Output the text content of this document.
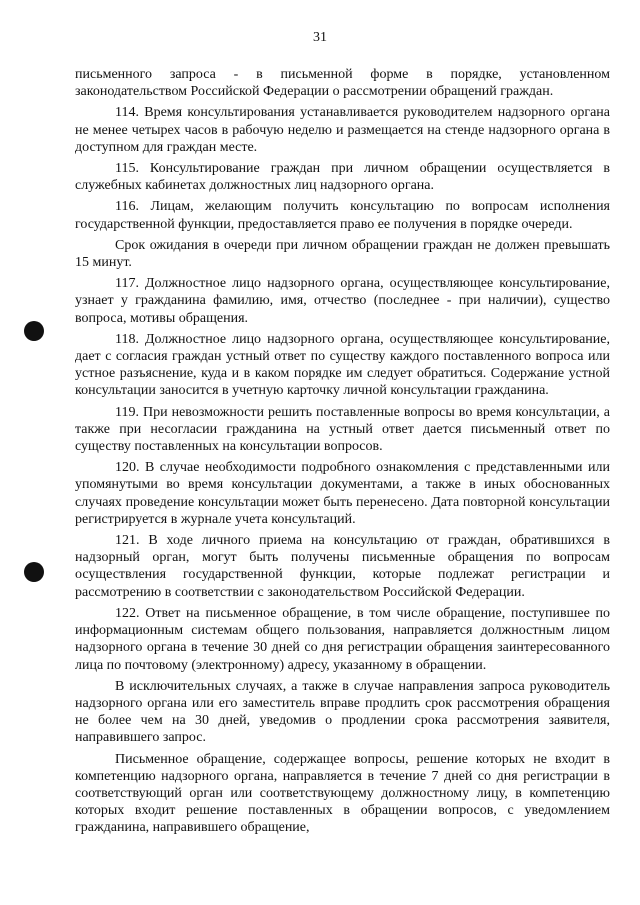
31

письменного запроса - в письменной форме в порядке, установленном законодательством Российской Федерации о рассмотрении обращений граждан.

114. Время консультирования устанавливается руководителем надзорного органа не менее четырех часов в рабочую неделю и размещается на стенде надзорного органа в доступном для граждан месте.

115. Консультирование граждан при личном обращении осуществляется в служебных кабинетах должностных лиц надзорного органа.

116. Лицам, желающим получить консультацию по вопросам исполнения государственной функции, предоставляется право ее получения в порядке очереди.

Срок ожидания в очереди при личном обращении граждан не должен превышать 15 минут.

117. Должностное лицо надзорного органа, осуществляющее консультирование, узнает у гражданина фамилию, имя, отчество (последнее - при наличии), существо вопроса, мотивы обращения.

118. Должностное лицо надзорного органа, осуществляющее консультирование, дает с согласия граждан устный ответ по существу каждого поставленного вопроса или устное разъяснение, куда и в каком порядке им следует обратиться. Содержание устной консультации заносится в учетную карточку личной консультации гражданина.

119. При невозможности решить поставленные вопросы во время консультации, а также при несогласии гражданина на устный ответ дается письменный ответ по существу поставленных на консультации вопросов.

120. В случае необходимости подробного ознакомления с представленными или упомянутыми во время консультации документами, а также в иных обоснованных случаях проведение консультации может быть перенесено. Дата повторной консультации регистрируется в журнале учета консультаций.

121. В ходе личного приема на консультацию от граждан, обратившихся в надзорный орган, могут быть получены письменные обращения по вопросам осуществления государственной функции, которые подлежат регистрации и рассмотрению в соответствии с законодательством Российской Федерации.

122. Ответ на письменное обращение, в том числе обращение, поступившее по информационным системам общего пользования, направляется должностным лицом надзорного органа в течение 30 дней со дня регистрации обращения заинтересованного лица по почтовому (электронному) адресу, указанному в обращении.

В исключительных случаях, а также в случае направления запроса руководитель надзорного органа или его заместитель вправе продлить срок рассмотрения обращения не более чем на 30 дней, уведомив о продлении срока рассмотрения заявителя, направившего запрос.

Письменное обращение, содержащее вопросы, решение которых не входит в компетенцию надзорного органа, направляется в течение 7 дней со дня регистрации в соответствующий орган или соответствующему должностному лицу, в компетенцию которых входит решение поставленных в обращении вопросов, с уведомлением гражданина, направившего обращение,
